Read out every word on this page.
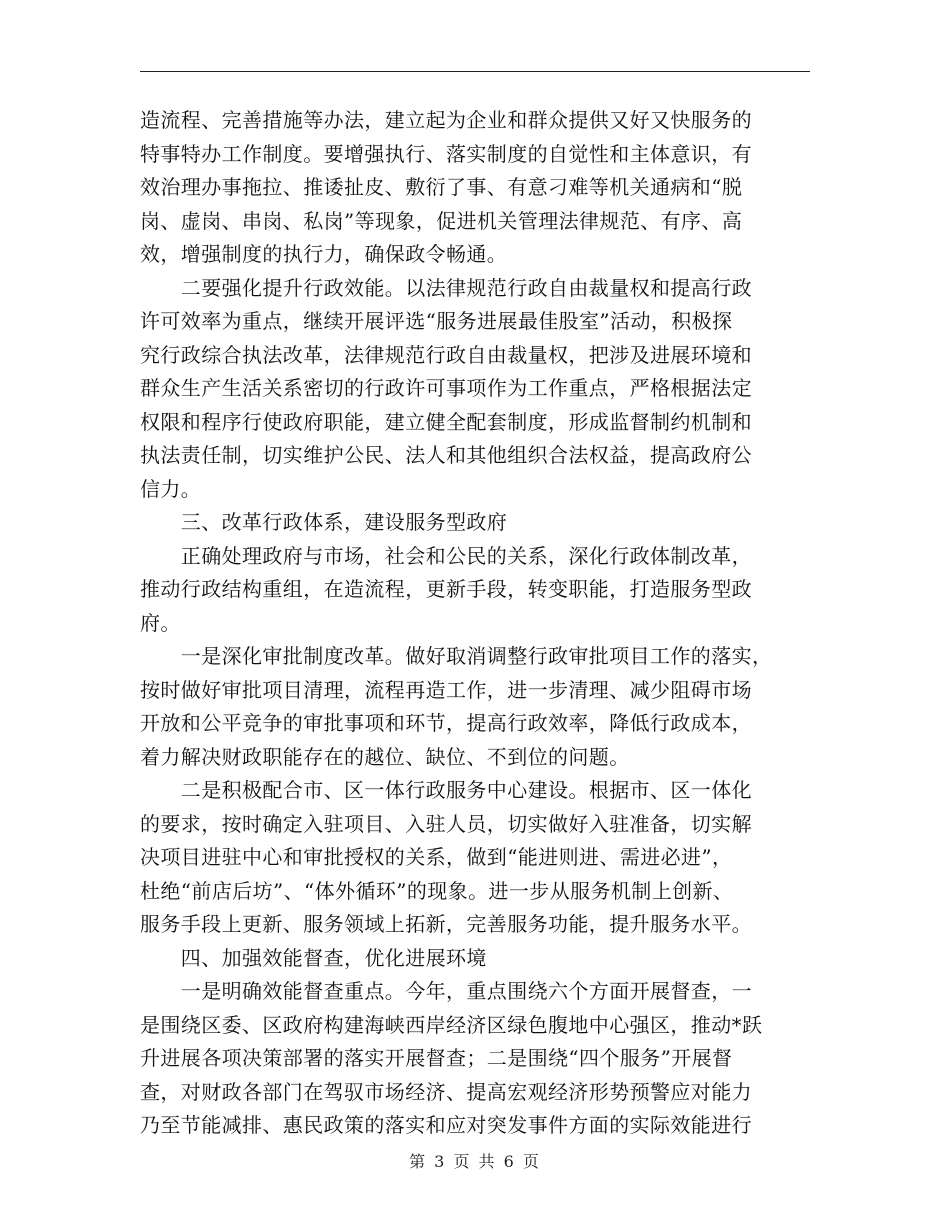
造流程、完善措施等办法，建立起为企业和群众提供又好又快服务的
特事特办工作制度。要增强执行、落实制度的自觉性和主体意识，有
效治理办事拖拉、推诿扯皮、敷衍了事、有意刁难等机关通病和“脱
岗、虚岗、串岗、私岗”等现象，促进机关管理法律规范、有序、高
效，增强制度的执行力，确保政令畅通。
　　二要强化提升行政效能。以法律规范行政自由裁量权和提高行政
许可效率为重点，继续开展评选“服务进展最佳股室”活动，积极探
究行政综合执法改革，法律规范行政自由裁量权，把涉及进展环境和
群众生产生活关系密切的行政许可事项作为工作重点，严格根据法定
权限和程序行使政府职能，建立健全配套制度，形成监督制约机制和
执法责任制，切实维护公民、法人和其他组织合法权益，提高政府公
信力。
　　三、改革行政体系，建设服务型政府
　　正确处理政府与市场，社会和公民的关系，深化行政体制改革，
推动行政结构重组，在造流程，更新手段，转变职能，打造服务型政
府。
　　一是深化审批制度改革。做好取消调整行政审批项目工作的落实，
按时做好审批项目清理，流程再造工作，进一步清理、减少阻碍市场
开放和公平竞争的审批事项和环节，提高行政效率，降低行政成本，
着力解决财政职能存在的越位、缺位、不到位的问题。
　　二是积极配合市、区一体行政服务中心建设。根据市、区一体化
的要求，按时确定入驻项目、入驻人员，切实做好入驻准备，切实解
决项目进驻中心和审批授权的关系，做到“能进则进、需进必进”，
杜绝“前店后坊”、“体外循环”的现象。进一步从服务机制上创新、
服务手段上更新、服务领域上拓新，完善服务功能，提升服务水平。
　　四、加强效能督查，优化进展环境
　　一是明确效能督查重点。今年，重点围绕六个方面开展督查，一
是围绕区委、区政府构建海峡西岸经济区绿色腹地中心强区，推动*跃
升进展各项决策部署的落实开展督查；二是围绕“四个服务”开展督
查，对财政各部门在驾驭市场经济、提高宏观经济形势预警应对能力
乃至节能减排、惠民政策的落实和应对突发事件方面的实际效能进行
第 3 页 共 6 页
